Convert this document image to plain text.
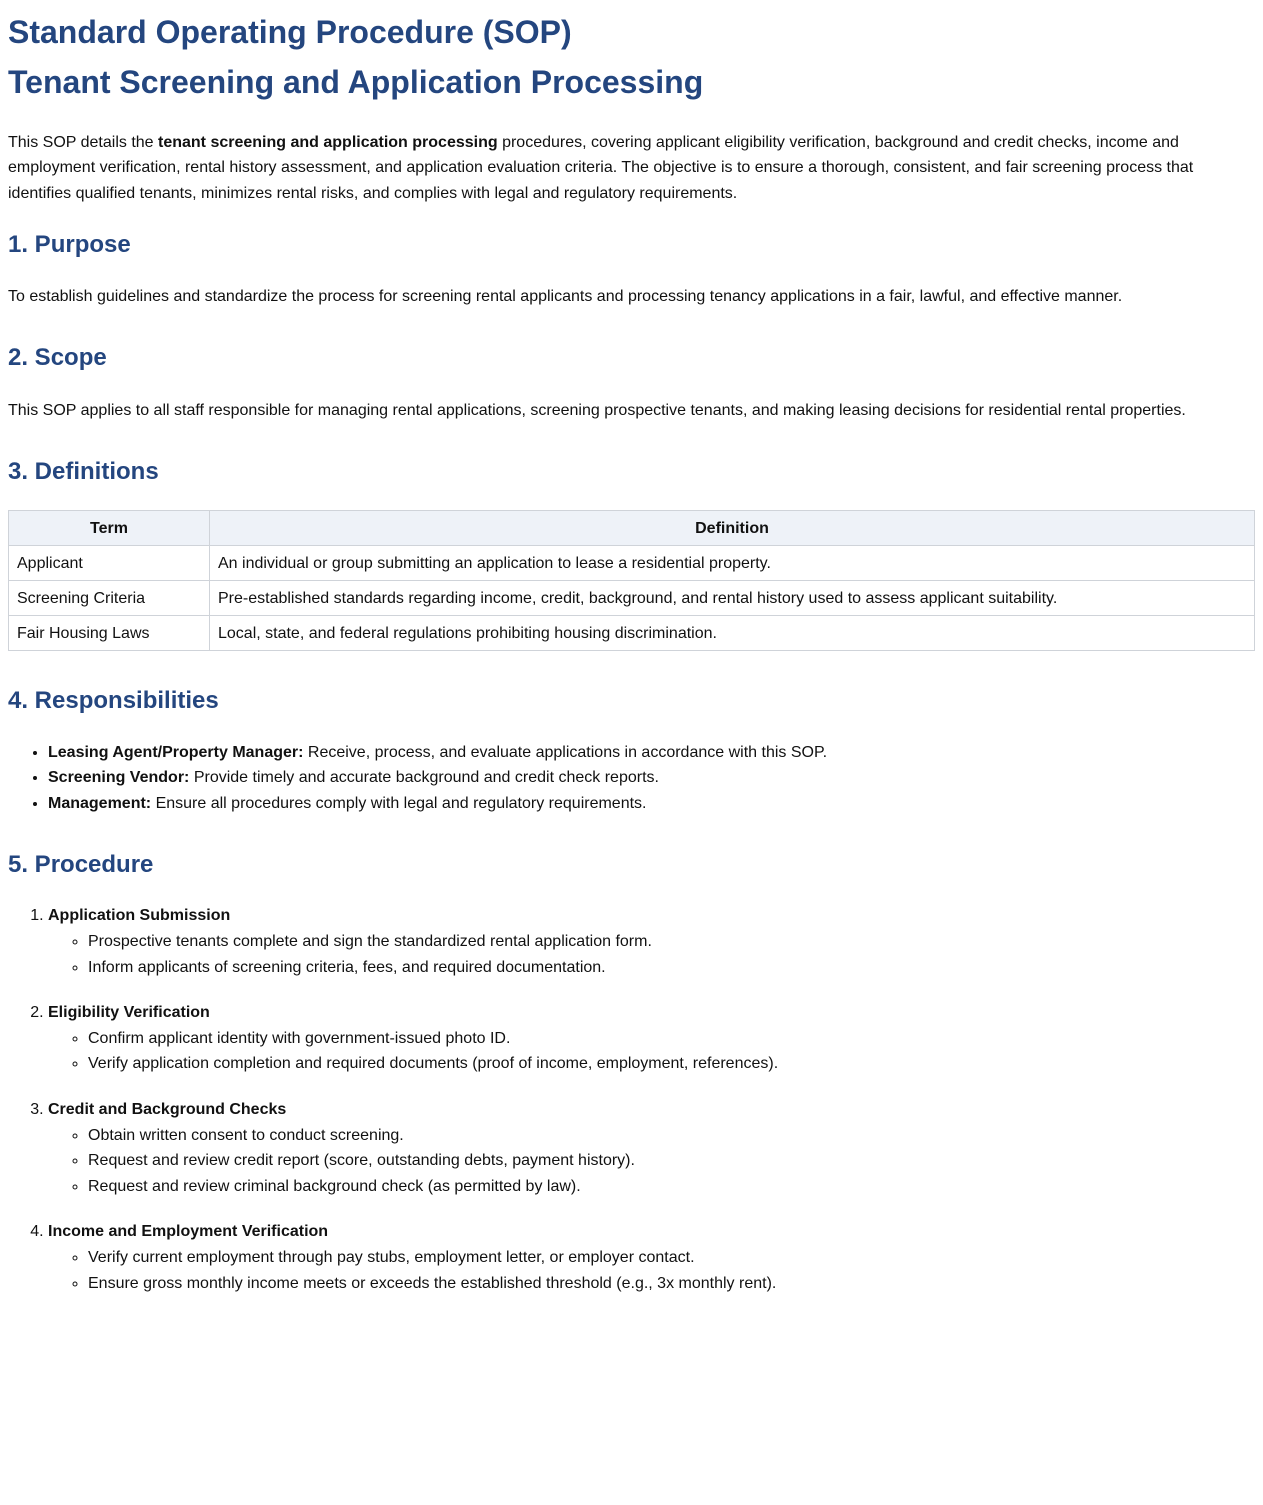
Standard Operating Procedure (SOP)
Tenant Screening and Application Processing

This SOP details the tenant screening and application processing procedures, covering applicant eligibility verification, background and credit checks, income and employment verification, rental history assessment, and application evaluation criteria. The objective is to ensure a thorough, consistent, and fair screening process that identifies qualified tenants, minimizes rental risks, and complies with legal and regulatory requirements.

1. Purpose

To establish guidelines and standardize the process for screening rental applicants and processing tenancy applications in a fair, lawful, and effective manner.

2. Scope

This SOP applies to all staff responsible for managing rental applications, screening prospective tenants, and making leasing decisions for residential rental properties.

3. Definitions
Term	Definition
Applicant	An individual or group submitting an application to lease a residential property.
Screening Criteria	Pre-established standards regarding income, credit, background, and rental history used to assess applicant suitability.
Fair Housing Laws	Local, state, and federal regulations prohibiting housing discrimination.
4. Responsibilities
• Leasing Agent/Property Manager: Receive, process, and evaluate applications in accordance with this SOP.
• Screening Vendor: Provide timely and accurate background and credit check reports.
• Management: Ensure all procedures comply with legal and regulatory requirements.
5. Procedure
1. Application Submission
◦ Prospective tenants complete and sign the standardized rental application form.
◦ Inform applicants of screening criteria, fees, and required documentation.
2. Eligibility Verification
◦ Confirm applicant identity with government-issued photo ID.
◦ Verify application completion and required documents (proof of income, employment, references).
3. Credit and Background Checks
◦ Obtain written consent to conduct screening.
◦ Request and review credit report (score, outstanding debts, payment history).
◦ Request and review criminal background check (as permitted by law).
4. Income and Employment Verification
◦ Verify current employment through pay stubs, employment letter, or employer contact.
◦ Ensure gross monthly income meets or exceeds the established threshold (e.g., 3x monthly rent).
